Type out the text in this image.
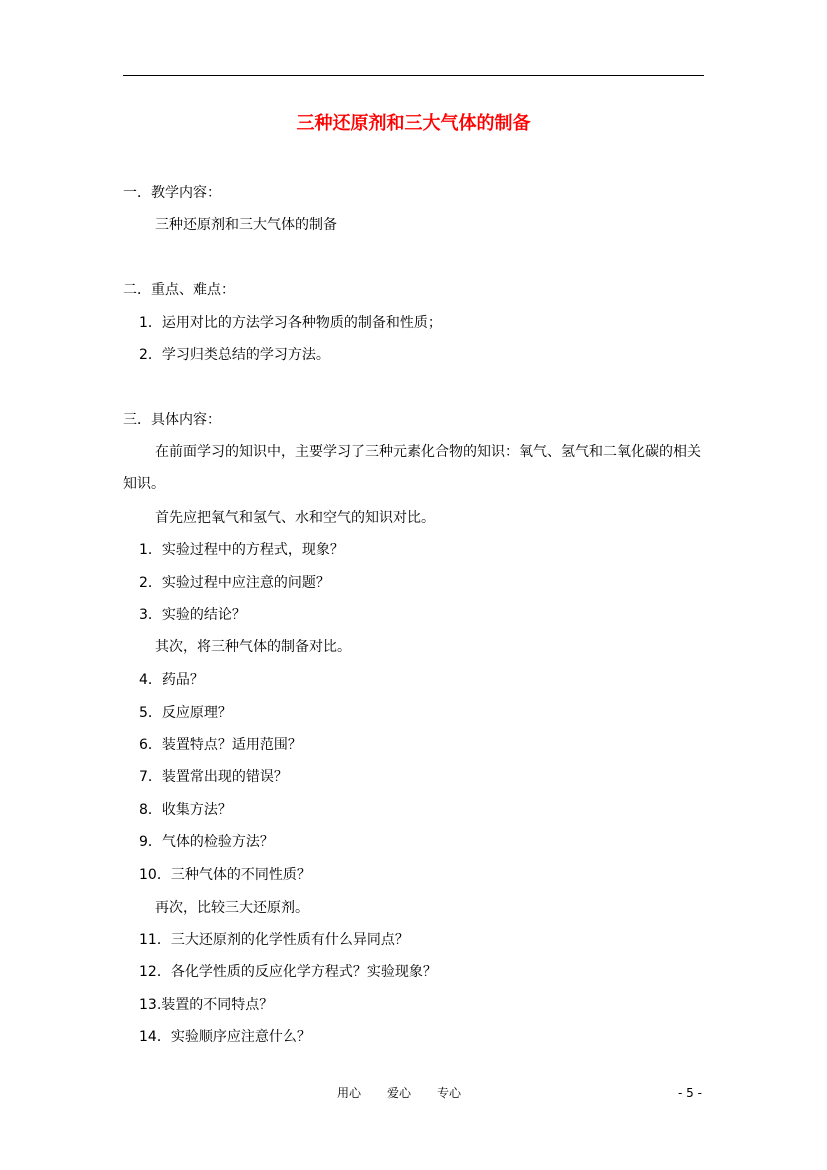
三种还原剂和三大气体的制备
一．教学内容：
三种还原剂和三大气体的制备
二．重点、难点：
1．运用对比的方法学习各种物质的制备和性质；
2．学习归类总结的学习方法。
三．具体内容：
在前面学习的知识中，主要学习了三种元素化合物的知识：氧气、氢气和二氧化碳的相关知识。
首先应把氧气和氢气、水和空气的知识对比。
1．实验过程中的方程式，现象？
2．实验过程中应注意的问题？
3．实验的结论？
其次，将三种气体的制备对比。
4．药品？
5．反应原理？
6．装置特点？适用范围？
7．装置常出现的错误？
8．收集方法？
9．气体的检验方法？
10．三种气体的不同性质？
再次，比较三大还原剂。
11．三大还原剂的化学性质有什么异同点？
12．各化学性质的反应化学方程式？实验现象？
13.装置的不同特点？
14．实验顺序应注意什么？
用心 爱心 专心	- 5 -
